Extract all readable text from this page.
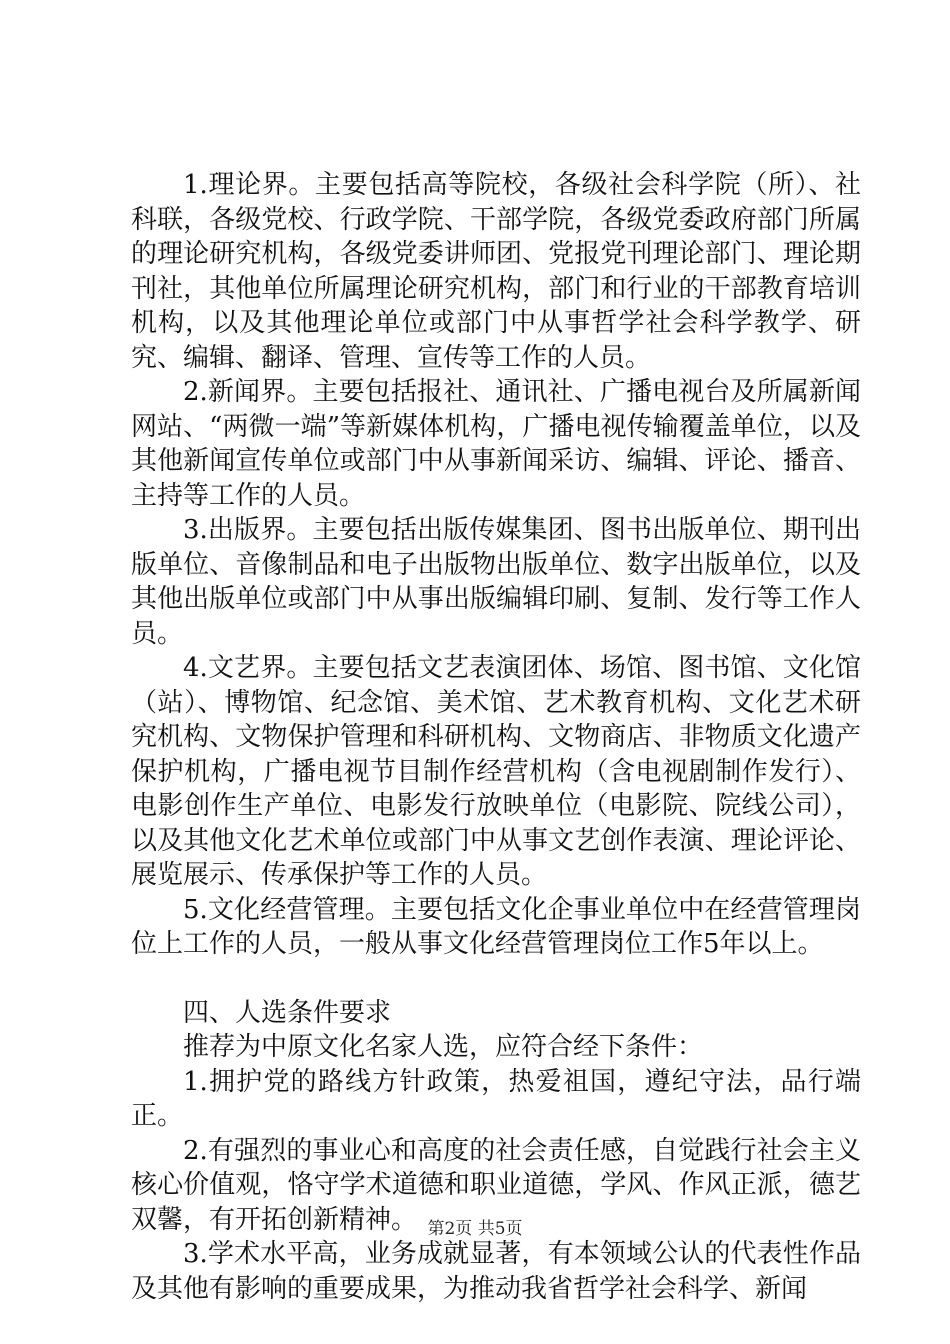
1.理论界。主要包括高等院校，各级社会科学院（所）、社科联，各级党校、行政学院、干部学院，各级党委政府部门所属的理论研究机构，各级党委讲师团、党报党刊理论部门、理论期刊社，其他单位所属理论研究机构，部门和行业的干部教育培训机构，以及其他理论单位或部门中从事哲学社会科学教学、研究、编辑、翻译、管理、宣传等工作的人员。

2.新闻界。主要包括报社、通讯社、广播电视台及所属新闻网站、“两微一端”等新媒体机构，广播电视传输覆盖单位，以及其他新闻宣传单位或部门中从事新闻采访、编辑、评论、播音、主持等工作的人员。

3.出版界。主要包括出版传媒集团、图书出版单位、期刊出版单位、音像制品和电子出版物出版单位、数字出版单位，以及其他出版单位或部门中从事出版编辑印刷、复制、发行等工作人员。

4.文艺界。主要包括文艺表演团体、场馆、图书馆、文化馆（站）、博物馆、纪念馆、美术馆、艺术教育机构、文化艺术研究机构、文物保护管理和科研机构、文物商店、非物质文化遗产保护机构，广播电视节目制作经营机构（含电视剧制作发行）、电影创作生产单位、电影发行放映单位（电影院、院线公司），以及其他文化艺术单位或部门中从事文艺创作表演、理论评论、展览展示、传承保护等工作的人员。

5.文化经营管理。主要包括文化企事业单位中在经营管理岗位上工作的人员，一般从事文化经营管理岗位工作5年以上。

四、人选条件要求

推荐为中原文化名家人选，应符合经下条件：

1.拥护党的路线方针政策，热爱祖国，遵纪守法，品行端正。

2.有强烈的事业心和高度的社会责任感，自觉践行社会主义核心价值观，恪守学术道德和职业道德，学风、作风正派，德艺双馨，有开拓创新精神。

3.学术水平高，业务成就显著，有本领域公认的代表性作品及其他有影响的重要成果，为推动我省哲学社会科学、新闻

第2页 共5页
